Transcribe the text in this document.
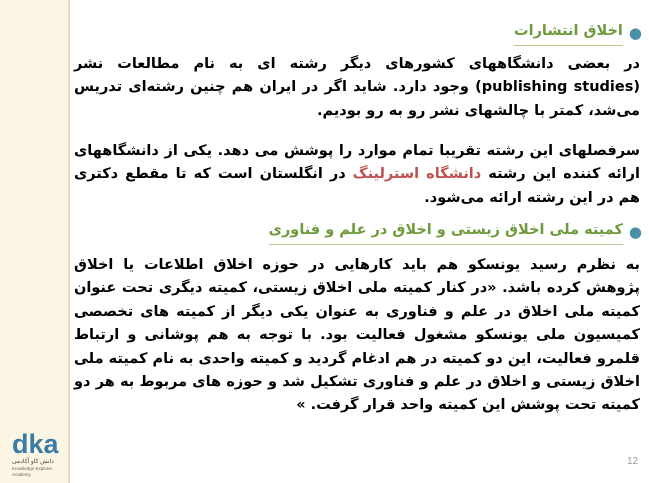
●
اخلاق انتشارات

در بعضی دانشگاههای کشورهای دیگر رشته ای به نام مطالعات نشر (publishing studies) وجود دارد. شاید اگر در ایران هم چنین رشته‌ای تدریس می‌شد، کمتر با چالشهای نشر رو به رو بودیم.

سرفصلهای این رشته تقریبا تمام موارد را پوشش می دهد. یکی از دانشگاههای ارائه کننده این رشته دانشگاه استرلینگ در انگلستان است که تا مقطع دکتری هم در این رشته ارائه می‌شود.

●
کمیته ملی اخلاق زیستی و اخلاق در علم و فناوری

به نظرم رسید یونسکو هم باید کارهایی در حوزه اخلاق اطلاعات یا اخلاق پژوهش کرده باشد. «در کنار کمیته ملی اخلاق زیستی، کمیته دیگری تحت عنوان کمیته ملی اخلاق در علم و فناوری به عنوان یکی دیگر از کمیته های تخصصی کمیسیون ملی یونسکو مشغول فعالیت بود. با توجه به هم پوشانی و ارتباط قلمرو فعالیت، این دو کمیته در هم ادغام گردید و کمیته واحدی به نام کمیته ملی اخلاق زیستی و اخلاق در علم و فناوری تشکیل شد و حوزه های مربوط به هر دو کمیته تحت پوشش این کمیته واحد قرار گرفت. »

dka
دانش کاو آکادمی
Knowledge Explorer Academy
12
